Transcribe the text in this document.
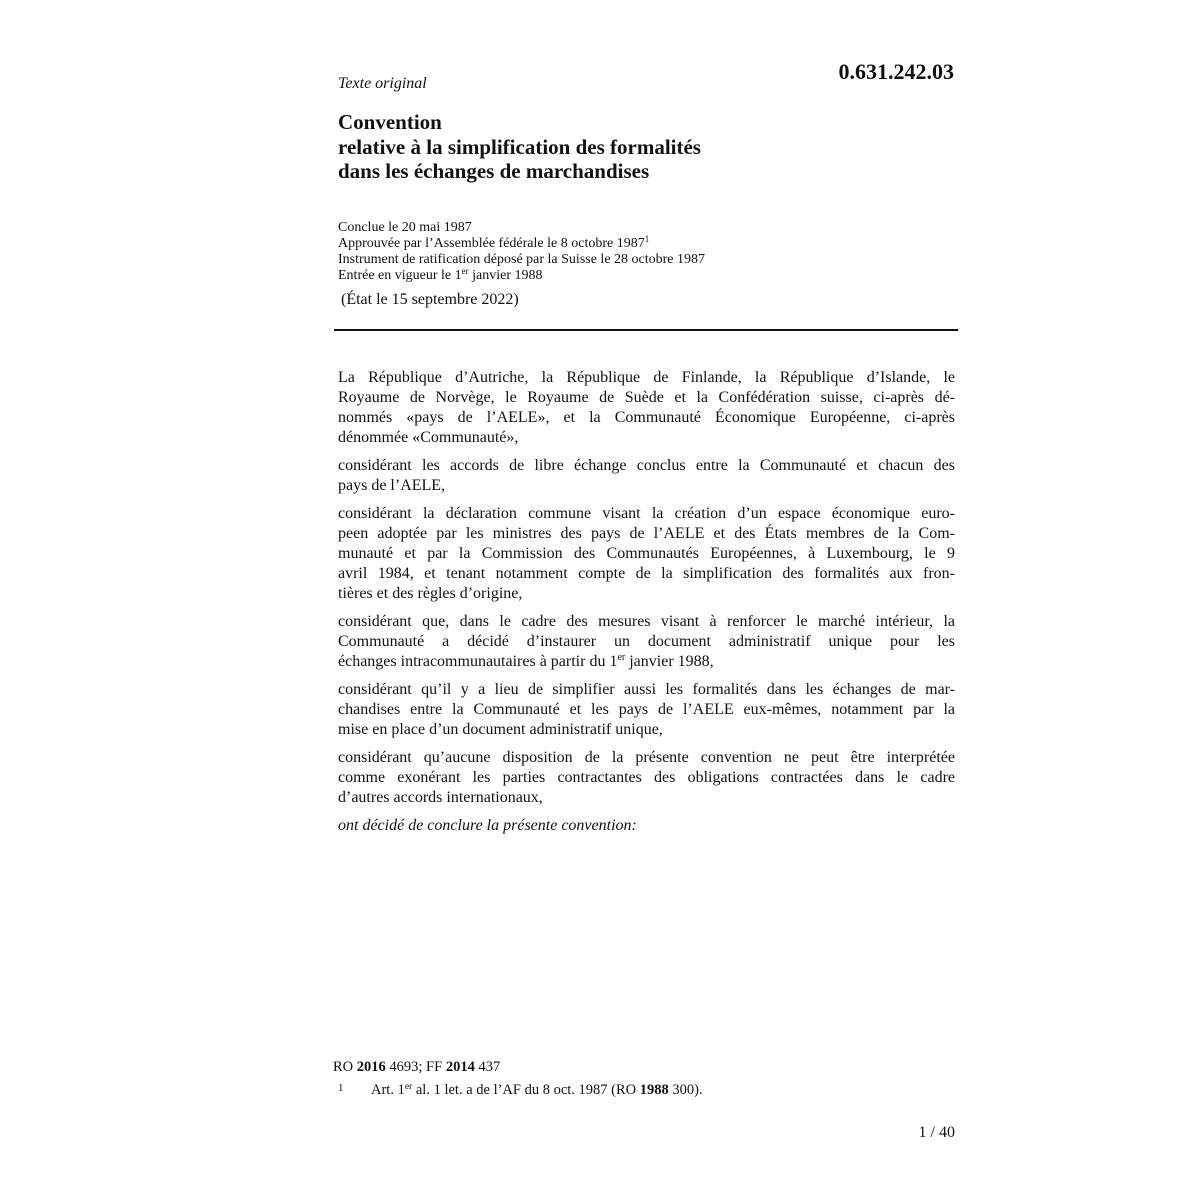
Texte original	0.631.242.03
Convention
relative à la simplification des formalités
dans les échanges de marchandises
Conclue le 20 mai 1987
Approuvée par l’Assemblée fédérale le 8 octobre 1987$^1$
Instrument de ratification déposé par la Suisse le 28 octobre 1987
Entrée en vigueur le 1er janvier 1988
(État le 15 septembre 2022)
La République d’Autriche, la République de Finlande, la République d’Islande, le
Royaume de Norvège, le Royaume de Suède et la Confédération suisse, ci-après dé-
nommés «pays de l’AELE», et la Communauté Économique Européenne, ci-après
dénommée «Communauté»,
considérant les accords de libre échange conclus entre la Communauté et chacun des
pays de l’AELE,
considérant la déclaration commune visant la création d’un espace économique euro-
peen adoptée par les ministres des pays de l’AELE et des États membres de la Com-
munauté et par la Commission des Communautés Européennes, à Luxembourg, le 9
avril 1984, et tenant notamment compte de la simplification des formalités aux fron-
tières et des règles d’origine,
considérant que, dans le cadre des mesures visant à renforcer le marché intérieur, la
Communauté a décidé d’instaurer un document administratif unique pour les
échanges intracommunautaires à partir du 1er janvier 1988,
considérant qu’il y a lieu de simplifier aussi les formalités dans les échanges de mar-
chandises entre la Communauté et les pays de l’AELE eux-mêmes, notamment par la
mise en place d’un document administratif unique,
considérant qu’aucune disposition de la présente convention ne peut être interprétée
comme exonérant les parties contractantes des obligations contractées dans le cadre
d’autres accords internationaux,
ont décidé de conclure la présente convention:
RO 2016 4693; FF 2014 437
1 Art. 1er al. 1 let. a de l’AF du 8 oct. 1987 (RO 1988 300).
1 / 40
